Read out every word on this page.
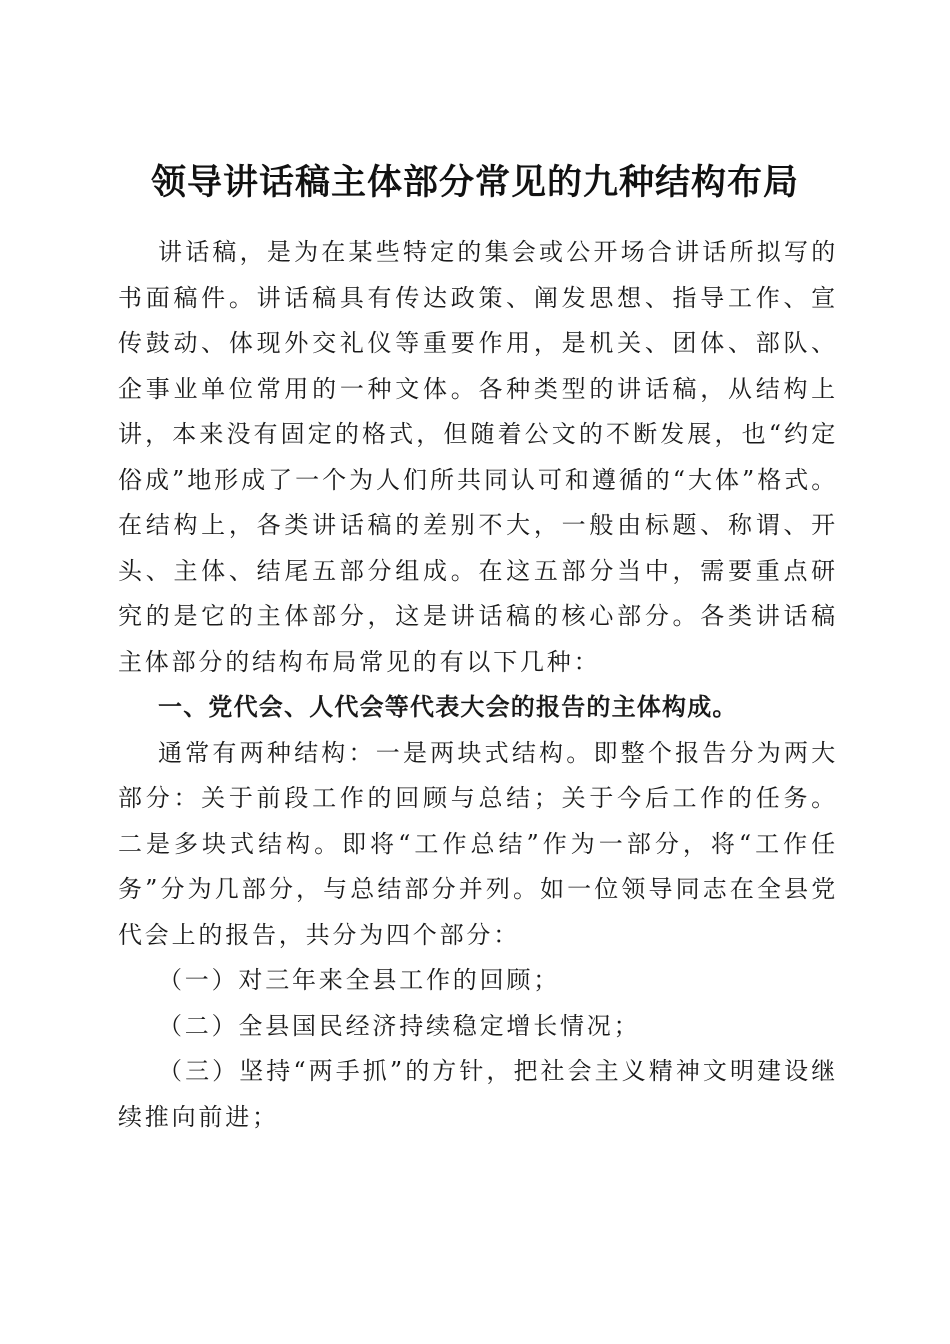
领导讲话稿主体部分常见的九种结构布局

讲话稿，是为在某些特定的集会或公开场合讲话所拟写的书面稿件。讲话稿具有传达政策、阐发思想、指导工作、宣传鼓动、体现外交礼仪等重要作用，是机关、团体、部队、企事业单位常用的一种文体。各种类型的讲话稿，从结构上讲，本来没有固定的格式，但随着公文的不断发展，也“约定俗成”地形成了一个为人们所共同认可和遵循的“大体”格式。在结构上，各类讲话稿的差别不大，一般由标题、称谓、开头、主体、结尾五部分组成。在这五部分当中，需要重点研究的是它的主体部分，这是讲话稿的核心部分。各类讲话稿主体部分的结构布局常见的有以下几种：

一、党代会、人代会等代表大会的报告的主体构成。

通常有两种结构：一是两块式结构。即整个报告分为两大部分：关于前段工作的回顾与总结；关于今后工作的任务。二是多块式结构。即将“工作总结”作为一部分，将“工作任务”分为几部分，与总结部分并列。如一位领导同志在全县党代会上的报告，共分为四个部分：

（一）对三年来全县工作的回顾；

（二）全县国民经济持续稳定增长情况；

（三）坚持“两手抓”的方针，把社会主义精神文明建设继续推向前进；
